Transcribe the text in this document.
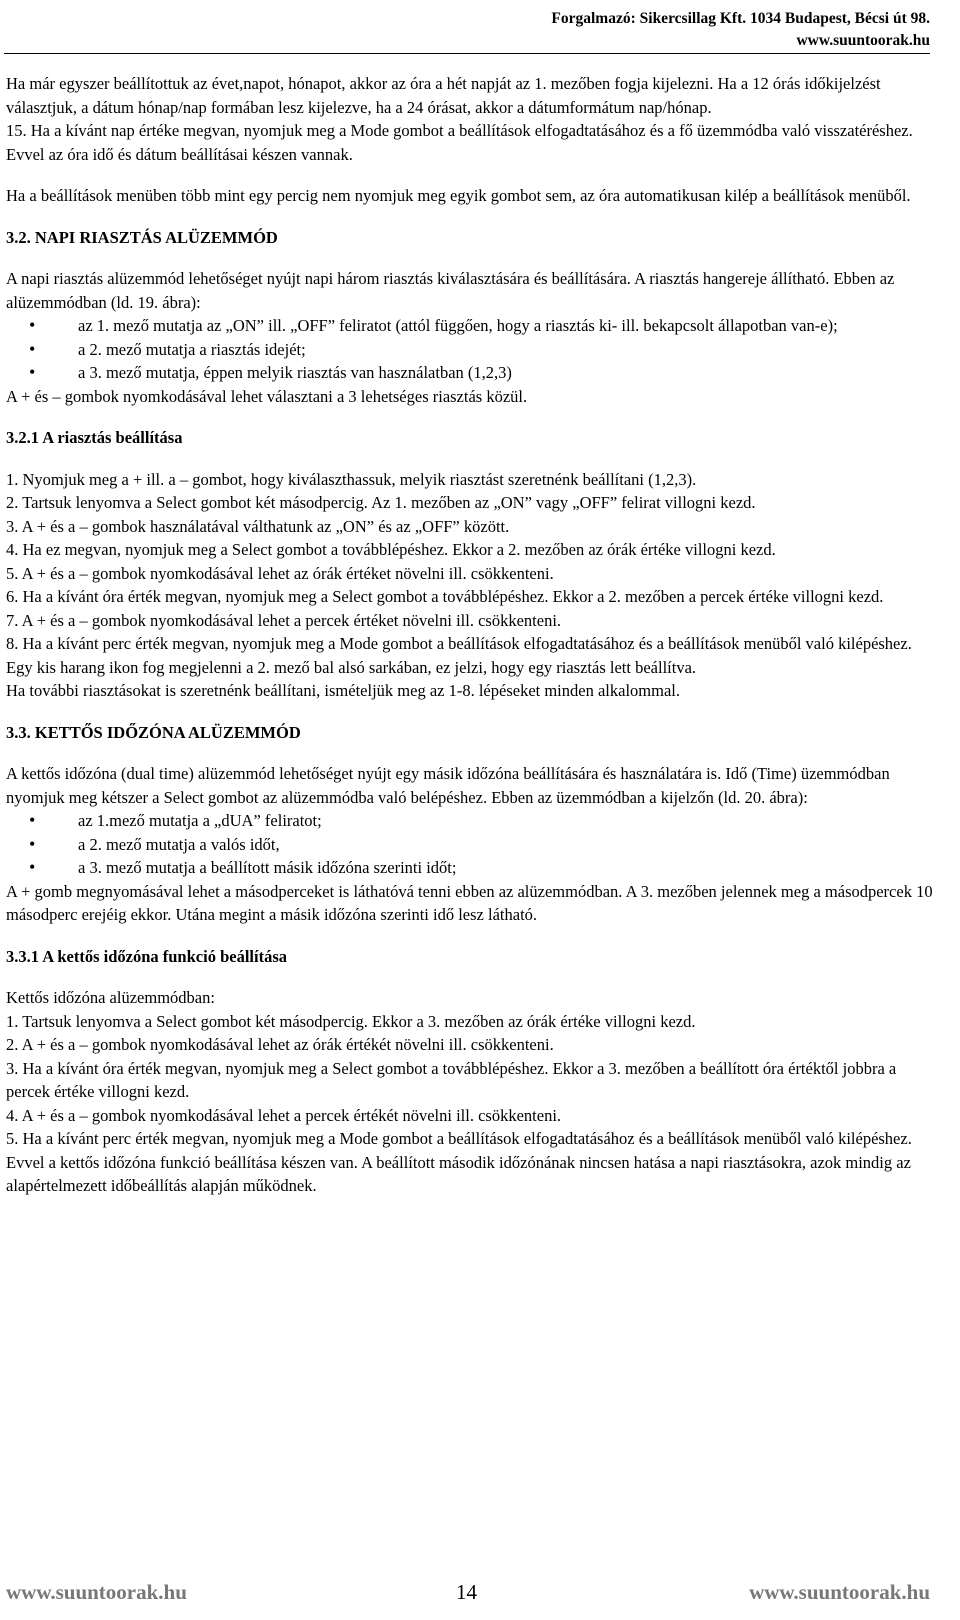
Forgalmazó: Sikercsillag Kft. 1034 Budapest, Bécsi út 98.
www.suuntoorak.hu

Ha már egyszer beállítottuk az évet,napot, hónapot, akkor az óra a hét napját az 1. mezőben fogja kijelezni. Ha a 12 órás időkijelzést választjuk, a dátum hónap/nap formában lesz kijelezve, ha a 24 órásat, akkor a dátumformátum nap/hónap.

15. Ha a kívánt nap értéke megvan, nyomjuk meg a Mode gombot a beállítások elfogadtatásához és a fő üzemmódba való visszatéréshez.

Evvel az óra idő és dátum beállításai készen vannak.

Ha a beállítások menüben több mint egy percig nem nyomjuk meg egyik gombot sem, az óra automatikusan kilép a beállítások menüből.

3.2. NAPI RIASZTÁS ALÜZEMMÓD

A napi riasztás alüzemmód lehetőséget nyújt napi három riasztás kiválasztására és beállítására. A riasztás hangereje állítható. Ebben az alüzemmódban (ld. 19. ábra):

• az 1. mező mutatja az „ON” ill. „OFF” feliratot (attól függően, hogy a riasztás ki- ill. bekapcsolt állapotban van-e);
• a 2. mező mutatja a riasztás idejét;
• a 3. mező mutatja, éppen melyik riasztás van használatban (1,2,3)

A + és – gombok nyomkodásával lehet választani a 3 lehetséges riasztás közül.

3.2.1 A riasztás beállítása

1. Nyomjuk meg a + ill. a – gombot, hogy kiválaszthassuk, melyik riasztást szeretnénk beállítani (1,2,3).

2. Tartsuk lenyomva a Select gombot két másodpercig. Az 1. mezőben az „ON” vagy „OFF” felirat villogni kezd.

3. A + és a – gombok használatával válthatunk az „ON” és az „OFF” között.

4. Ha ez megvan, nyomjuk meg a Select gombot a továbblépéshez. Ekkor a 2. mezőben az órák értéke villogni kezd.

5. A + és a – gombok nyomkodásával lehet az órák értéket növelni ill. csökkenteni.

6. Ha a kívánt óra érték megvan, nyomjuk meg a Select gombot a továbblépéshez. Ekkor a 2. mezőben a percek értéke villogni kezd.

7. A + és a – gombok nyomkodásával lehet a percek értéket növelni ill. csökkenteni.

8. Ha a kívánt perc érték megvan, nyomjuk meg a Mode gombot a beállítások elfogadtatásához és a beállítások menüből való kilépéshez. Egy kis harang ikon fog megjelenni a 2. mező bal alsó sarkában, ez jelzi, hogy egy riasztás lett beállítva.

Ha további riasztásokat is szeretnénk beállítani, ismételjük meg az 1-8. lépéseket minden alkalommal.

3.3. KETTŐS IDŐZÓNA ALÜZEMMÓD

A kettős időzóna (dual time) alüzemmód lehetőséget nyújt egy másik időzóna beállítására és használatára is. Idő (Time) üzemmódban nyomjuk meg kétszer a Select gombot az alüzemmódba való belépéshez. Ebben az üzemmódban a kijelzőn (ld. 20. ábra):

• az 1.mező mutatja a „dUA” feliratot;
• a 2. mező mutatja a valós időt,
• a 3. mező mutatja a beállított másik időzóna szerinti időt;

A + gomb megnyomásával lehet a másodperceket is láthatóvá tenni ebben az alüzemmódban. A 3. mezőben jelennek meg a másodpercek 10 másodperc erejéig ekkor. Utána megint a másik időzóna szerinti idő lesz látható.

3.3.1 A kettős időzóna funkció beállítása

Kettős időzóna alüzemmódban:

1. Tartsuk lenyomva a Select gombot két másodpercig. Ekkor a 3. mezőben az órák értéke villogni kezd.

2. A + és a – gombok nyomkodásával lehet az órák értékét növelni ill. csökkenteni.

3. Ha a kívánt óra érték megvan, nyomjuk meg a Select gombot a továbblépéshez. Ekkor a 3. mezőben a beállított óra értéktől jobbra a percek értéke villogni kezd.

4. A + és a – gombok nyomkodásával lehet a percek értékét növelni ill. csökkenteni.

5. Ha a kívánt perc érték megvan, nyomjuk meg a Mode gombot a beállítások elfogadtatásához és a beállítások menüből való kilépéshez.

Evvel a kettős időzóna funkció beállítása készen van. A beállított második időzónának nincsen hatása a napi riasztásokra, azok mindig az alapértelmezett időbeállítás alapján működnek.

www.suuntoorak.hu	14	www.suuntoorak.hu
